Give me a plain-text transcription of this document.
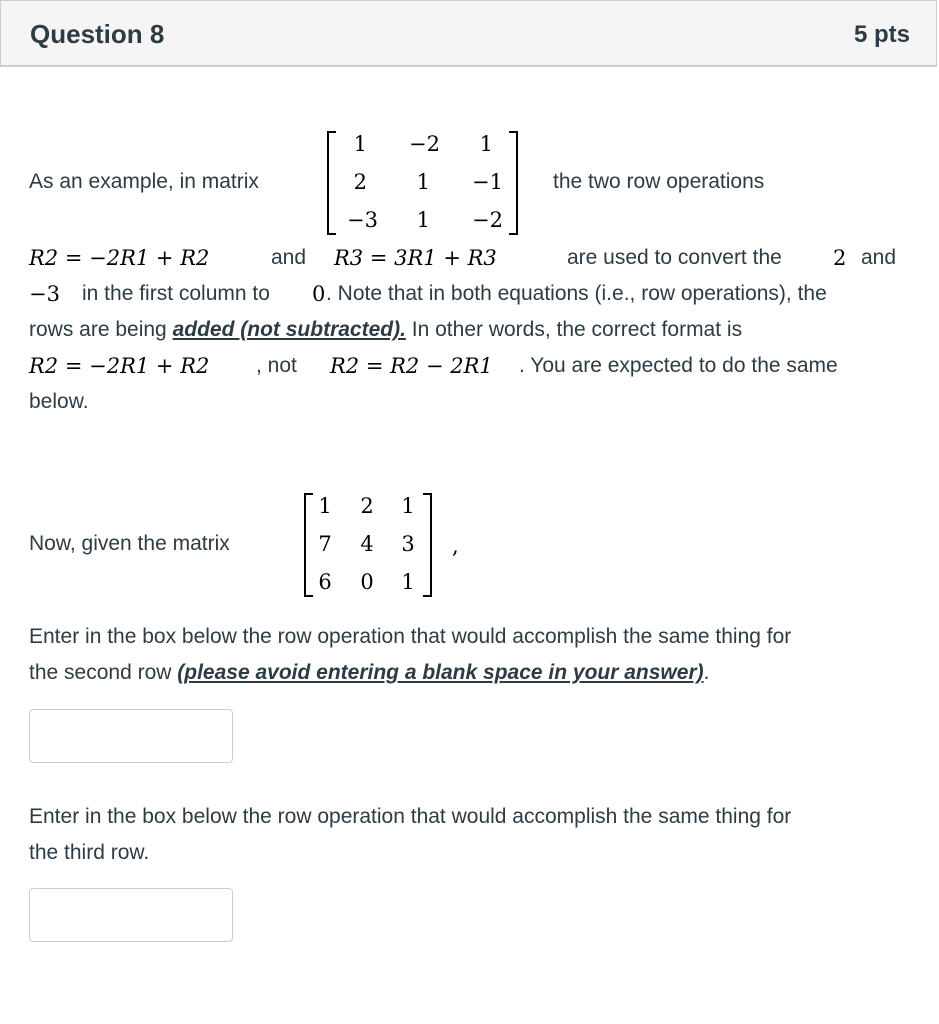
Question 8	5 pts
As an example, in matrix
1	−2	1
2	1	−1
−3	1	−2
the two row operations
R2 = −2R1 + R2	and R3 = 3R1 + R3	are used to convert the 2 and
−3 in the first column to 0 . Note that in both equations (i.e., row operations), the
rows are being added (not subtracted). In other words, the correct format is
R2 = −2R1 + R2 , not R2 = R2 − 2R1 . You are expected to do the same
below.
Now, given the matrix
1 2 1
7 4 3
6 0 1
,
Enter in the box below the row operation that would accomplish the same thing for
the second row (please avoid entering a blank space in your answer).
Enter in the box below the row operation that would accomplish the same thing for
the third row.
